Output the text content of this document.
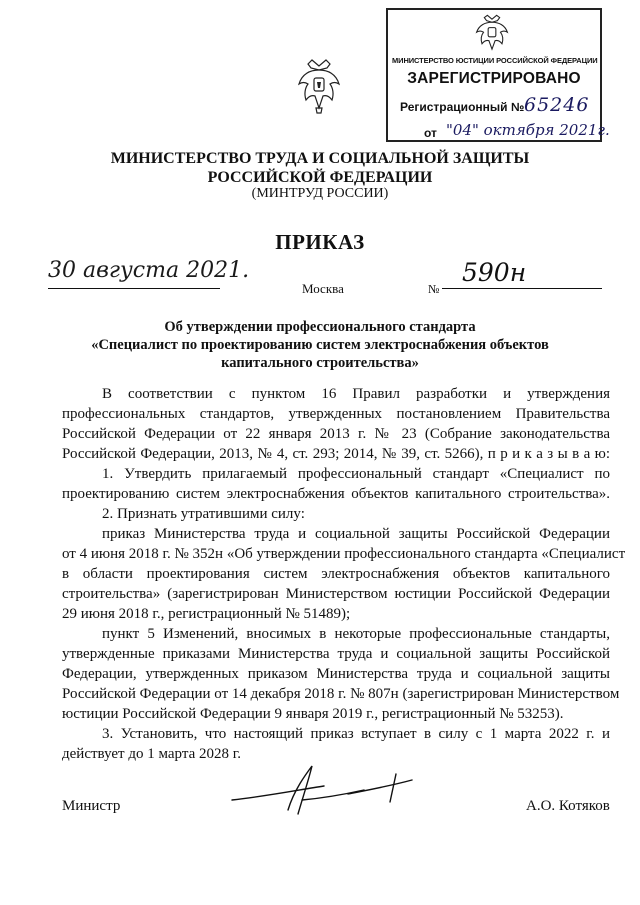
МИНИСТЕРСТВО ЮСТИЦИИ РОССИЙСКОЙ ФЕДЕРАЦИИ
ЗАРЕГИСТРИРОВАНО
Регистрационный № 65246
от "04" октября 2021г.
МИНИСТЕРСТВО ТРУДА И СОЦИАЛЬНОЙ ЗАЩИТЫ
РОССИЙСКОЙ ФЕДЕРАЦИИ
(МИНТРУД РОССИИ)
ПРИКАЗ
30 августа 2021.
Москва	№
590н
Об утверждении профессионального стандарта
«Специалист по проектированию систем электроснабжения объектов
капитального строительства»
В соответствии с пунктом 16 Правил разработки и утверждения
профессиональных стандартов, утвержденных постановлением Правительства
Российской Федерации от 22 января 2013 г. № 23 (Собрание законодательства
Российской Федерации, 2013, № 4, ст. 293; 2014, № 39, ст. 5266), п р и к а з ы в а ю:
1. Утвердить прилагаемый профессиональный стандарт «Специалист по
проектированию систем электроснабжения объектов капитального строительства».
2. Признать утратившими силу:
приказ Министерства труда и социальной защиты Российской Федерации
от 4 июня 2018 г. № 352н «Об утверждении профессионального стандарта «Специалист
в области проектирования систем электроснабжения объектов капитального
строительства» (зарегистрирован Министерством юстиции Российской Федерации
29 июня 2018 г., регистрационный № 51489);
пункт 5 Изменений, вносимых в некоторые профессиональные стандарты,
утвержденные приказами Министерства труда и социальной защиты Российской
Федерации, утвержденных приказом Министерства труда и социальной защиты
Российской Федерации от 14 декабря 2018 г. № 807н (зарегистрирован Министерством
юстиции Российской Федерации 9 января 2019 г., регистрационный № 53253).
3. Установить, что настоящий приказ вступает в силу с 1 марта 2022 г. и
действует до 1 марта 2028 г.
Министр	А.О. Котяков
